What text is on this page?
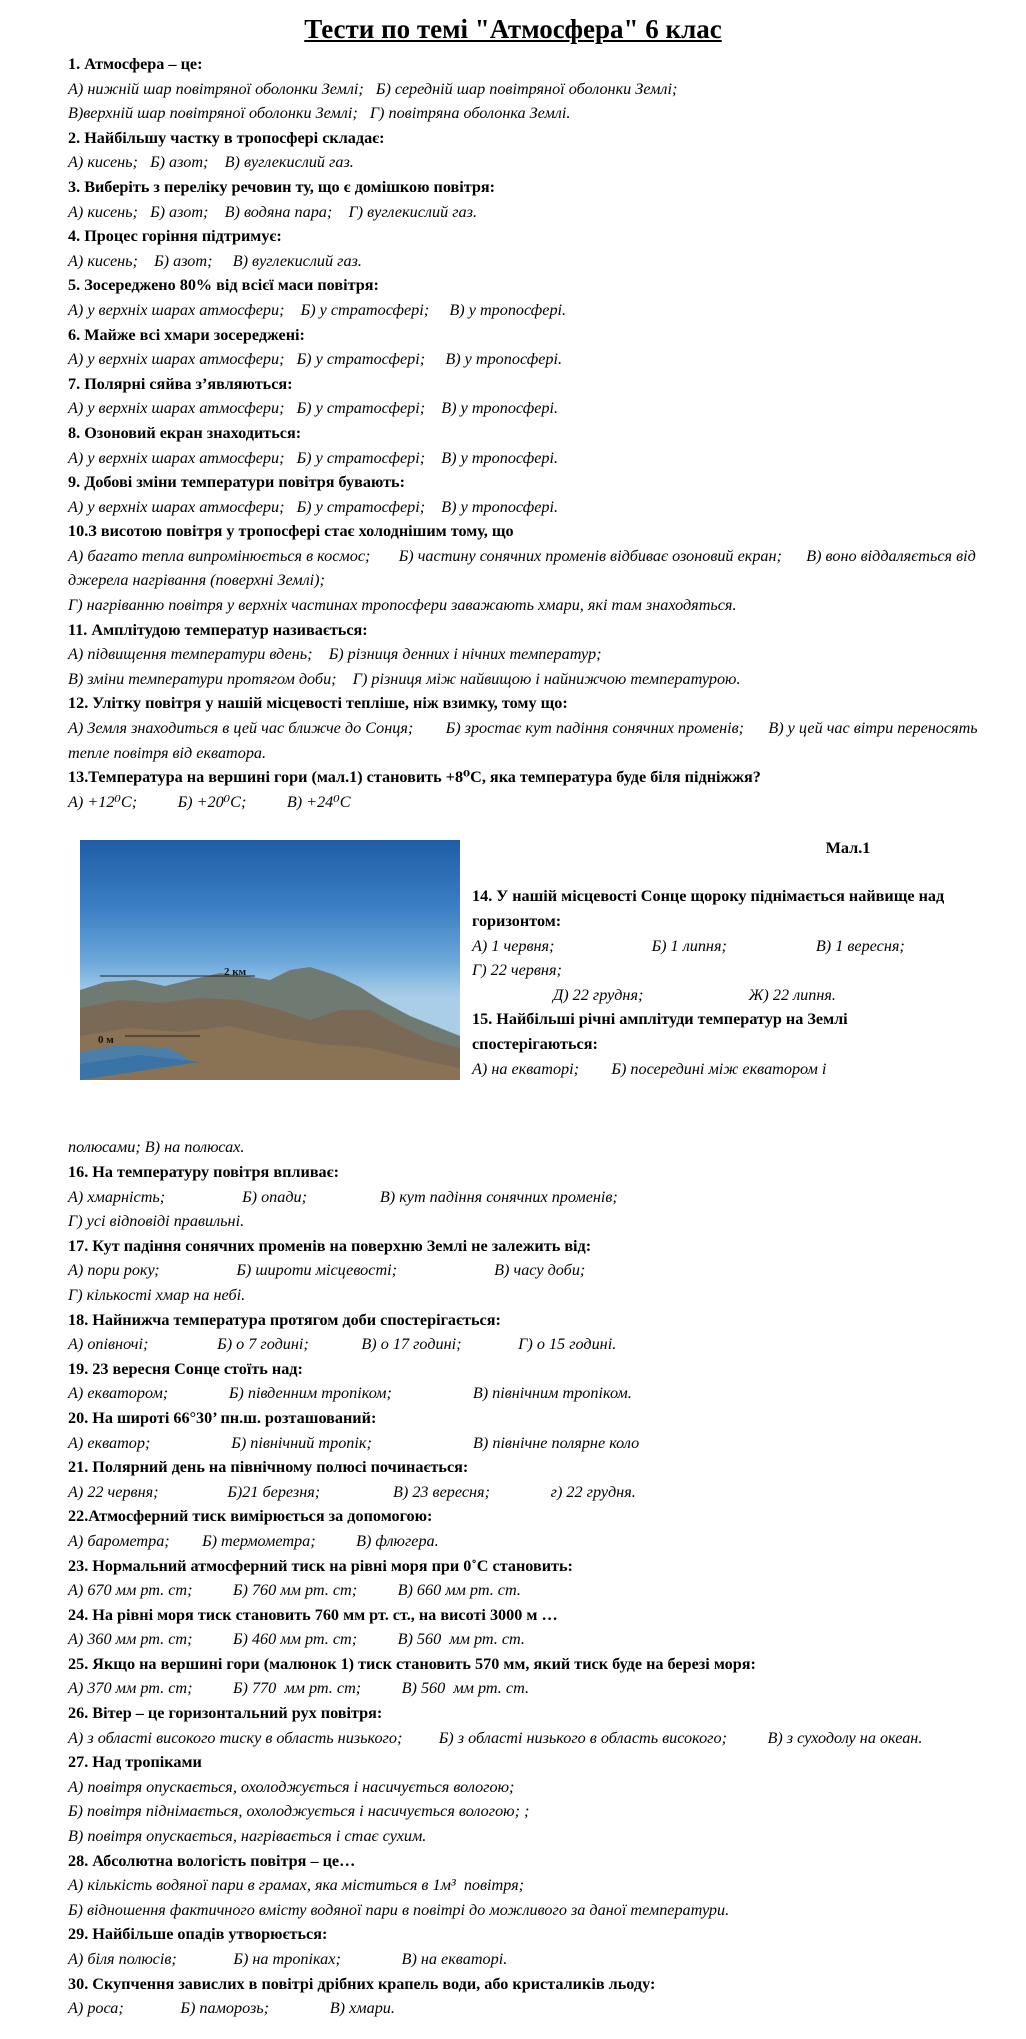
Тести по темі "Атмосфера" 6 клас
1. Атмосфера – це:
А) нижній шар повітряної оболонки Землі;   Б) середній шар повітряної оболонки Землі;
В)верхній шар повітряної оболонки Землі;   Г) повітряна оболонка Землі.
2. Найбільшу частку в тропосфері складає:
А) кисень;   Б) азот;    В) вуглекислий газ.
3. Виберіть з переліку речовин ту, що є домішкою повітря:
А) кисень;   Б) азот;    В) водяна пара;    Г) вуглекислий газ.
4. Процес горіння підтримує:
А) кисень;    Б) азот;     В) вуглекислий газ.
5. Зосереджено 80% від всієї маси повітря:
А) у верхніх шарах атмосфери;    Б) у стратосфері;     В) у тропосфері.
6. Майже всі хмари зосереджені:
А) у верхніх шарах атмосфери;   Б) у стратосфері;     В) у тропосфері.
7. Полярні сяйва з’являються:
А) у верхніх шарах атмосфери;   Б) у стратосфері;    В) у тропосфері.
8. Озоновий екран знаходиться:
А) у верхніх шарах атмосфери;   Б) у стратосфері;    В) у тропосфері.
9. Добові зміни температури повітря бувають:
А) у верхніх шарах атмосфери;   Б) у стратосфері;    В) у тропосфері.
10.З висотою повітря у тропосфері стає холоднішим тому, що
А) багато тепла випромінюється в космос;       Б) частину сонячних променів відбиває озоновий екран;      В) воно віддаляється від джерела нагрівання (поверхні Землі);
Г) нагріванню повітря у верхніх частинах тропосфери заважають хмари, які там знаходяться.
11. Амплітудою температур називається:
А) підвищення температури вдень;    Б) різниця денних і нічних температур;
В) зміни температури протягом доби;    Г) різниця між найвищою і найнижчою температурою.
12. Улітку повітря у нашій місцевості тепліше, ніж взимку, тому що:
А) Земля знаходиться в цей час ближче до Сонця;        Б) зростає кут падіння сонячних променів;      В) у цей час вітри переносять тепле повітря від екватора.
13.Температура на вершині гори (мал.1) становить +8⁰С, яка температура буде біля підніжжя?
А) +12⁰С;          Б) +20⁰С;          В) +24⁰С
2 км
0 м
Мал.1
14. У нашій місцевості Сонце щороку піднімається найвище над горизонтом:
А) 1 червня;                        Б) 1 липня;                      В) 1 вересня;                  Г) 22 червня;
Д) 22 грудня;                          Ж) 22 липня.
15. Найбільші річні амплітуди температур на Землі спостерігаються:
А) на екваторі;        Б) посередині між екватором і
полюсами; В) на полюсах.
16. На температуру повітря впливає:
А) хмарність;                   Б) опади;                  В) кут падіння сонячних променів;
Г) усі відповіді правильні.
17. Кут падіння сонячних променів на поверхню Землі не залежить від:
А) пори року;                   Б) широти місцевості;                        В) часу доби;
Г) кількості хмар на небі.
18. Найнижча температура протягом доби спостерігається:
А) опівночі;                 Б) о 7 годині;             В) о 17 годині;              Г) о 15 годині.
19. 23 вересня Сонце стоїть над:
А) екватором;               Б) південним тропіком;                    В) північним тропіком.
20. На широті 66°30’ пн.ш. розташований:
А) екватор;                    Б) північний тропік;                         В) північне полярне коло
21. Полярний день на північному полюсі починається:
А) 22 червня;                 Б)21 березня;                  В) 23 вересня;               г) 22 грудня.
22.Атмосферний тиск вимірюється за допомогою:
А) барометра;        Б) термометра;          В) флюгера.
23. Нормальний атмосферний тиск на рівні моря при 0˚С становить:
А) 670 мм рт. ст;          Б) 760 мм рт. ст;          В) 660 мм рт. ст.
24. На рівні моря тиск становить 760 мм рт. ст., на висоті 3000 м …
А) 360 мм рт. ст;          Б) 460 мм рт. ст;          В) 560  мм рт. ст.
25. Якщо на вершині гори (малюнок 1) тиск становить 570 мм, який тиск буде на березі моря:
А) 370 мм рт. ст;          Б) 770  мм рт. ст;          В) 560  мм рт. ст.
26. Вітер – це горизонтальний рух повітря:
А) з області високого тиску в область низького;         Б) з області низького в область високого;          В) з суходолу на океан.
27. Над тропіками
А) повітря опускається, охолоджується і насичується вологою;
Б) повітря піднімається, охолоджується і насичується вологою; ;
В) повітря опускається, нагрівається і стає сухим.
28. Абсолютна вологість повітря – це…
А) кількість водяної пари в грамах, яка міститься в 1м³  повітря;
Б) відношення фактичного вмісту водяної пари в повітрі до можливого за даної температури.
29. Найбільше опадів утворюється:
А) біля полюсів;              Б) на тропіках;               В) на екваторі.
30. Скупчення завислих в повітрі дрібних крапель води, або кристаликів льоду:
А) роса;              Б) паморозь;               В) хмари.
